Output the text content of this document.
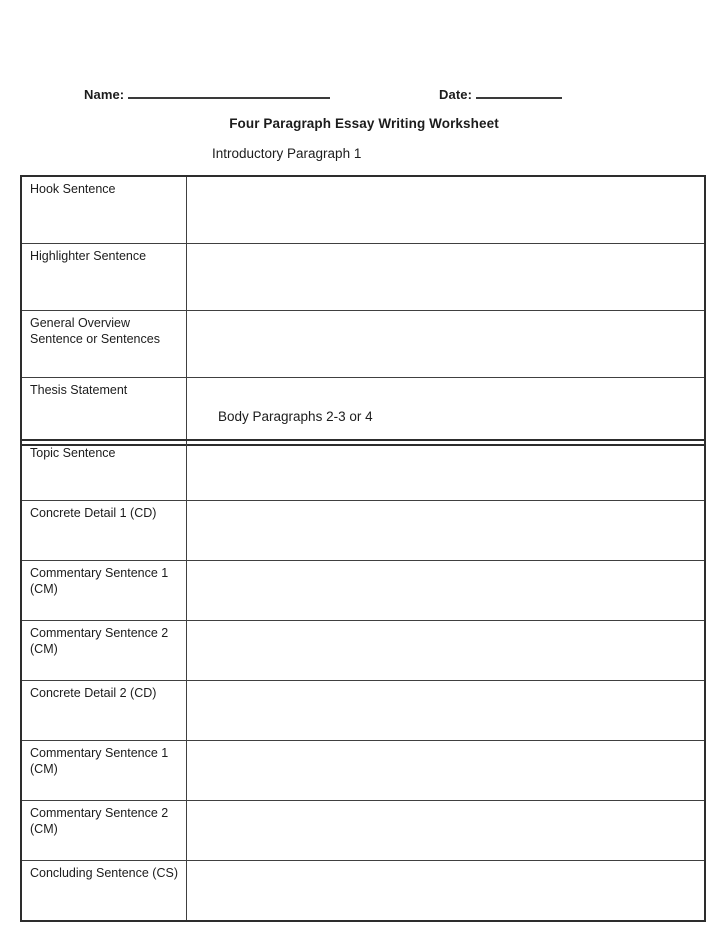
Name:	Date:
Four Paragraph Essay Writing Worksheet
Introductory Paragraph 1
Hook Sentence	
Highlighter Sentence	
General Overview Sentence or Sentences	
Thesis Statement	
Body Paragraphs 2-3 or 4
Topic Sentence	
Concrete Detail 1 (CD)	
Commentary Sentence 1 (CM)	
Commentary Sentence 2 (CM)	
Concrete Detail 2 (CD)	
Commentary Sentence 1 (CM)	
Commentary Sentence 2 (CM)	
Concluding Sentence (CS)	
